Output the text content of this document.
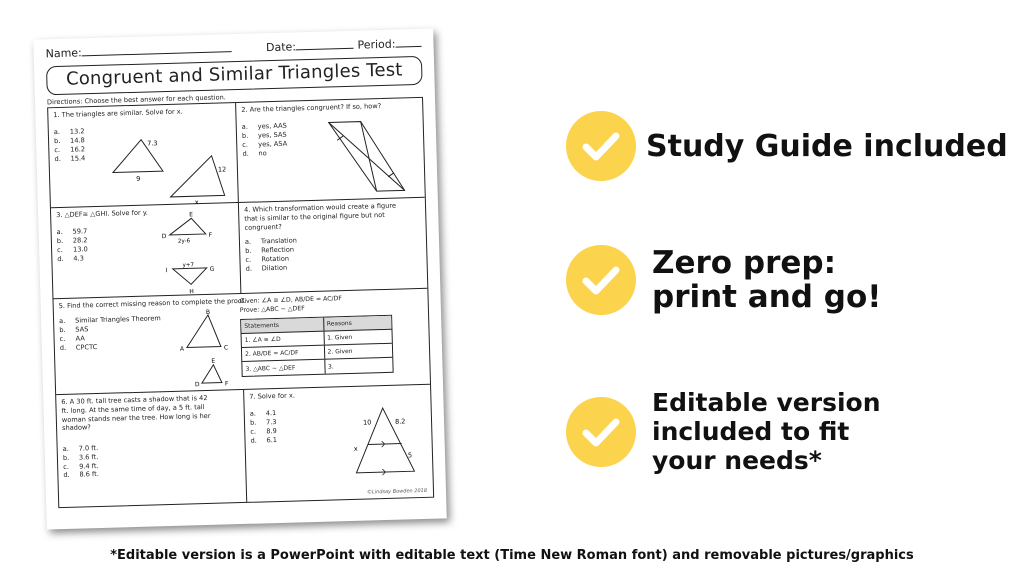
Name:	Date:	Period:
Congruent and Similar Triangles Test
Directions: Choose the best answer for each question.
1. The triangles are similar. Solve for x.
a. 13.2
b. 14.8
c. 16.2
d. 15.4
7.3
9
12
x
2. Are the triangles congruent? If so, how?
a. yes, AAS
b. yes, SAS
c. yes, ASA
d. no
3. △DEF≅ △GHI. Solve for y.
a. 59.7
b. 28.2
c. 13.0
d. 4.3
E
D	F
2y-6
y+7
I	G
H
4. Which transformation would create a figure
that is similar to the original figure but not
congruent?
a. Translation
b. Reflection
c. Rotation
d. Dilation
5. Find the correct missing reason to complete the proof.
a. Similar Triangles Theorem
b. SAS
c. AA
d. CPCTC
B
A	C
E
D	F
Given: ∠A ≅ ∠D, AB/DE = AC/DF
Prove: △ABC ~ △DEF
Statements	Reasons
1. ∠A ≅ ∠D	1. Given
2. AB/DE = AC/DF	2. Given
3. △ABC ~ △DEF	3.
6. A 30 ft. tall tree casts a shadow that is 42
ft. long. At the same time of day, a 5 ft. tall
woman stands near the tree. How long is her
shadow?
a. 7.0 ft.
b. 3.6 ft.
c. 9.4 ft.
d. 8.6 ft.
7. Solve for x.
a. 4.1
b. 7.3
c. 8.9
d. 6.1
10	8.2
5
x
©Lindsay Bowden 2018
Study Guide included
Zero prep:
print and go!
Editable version
included to fit
your needs*
*Editable version is a PowerPoint with editable text (Time New Roman font) and removable pictures/graphics
